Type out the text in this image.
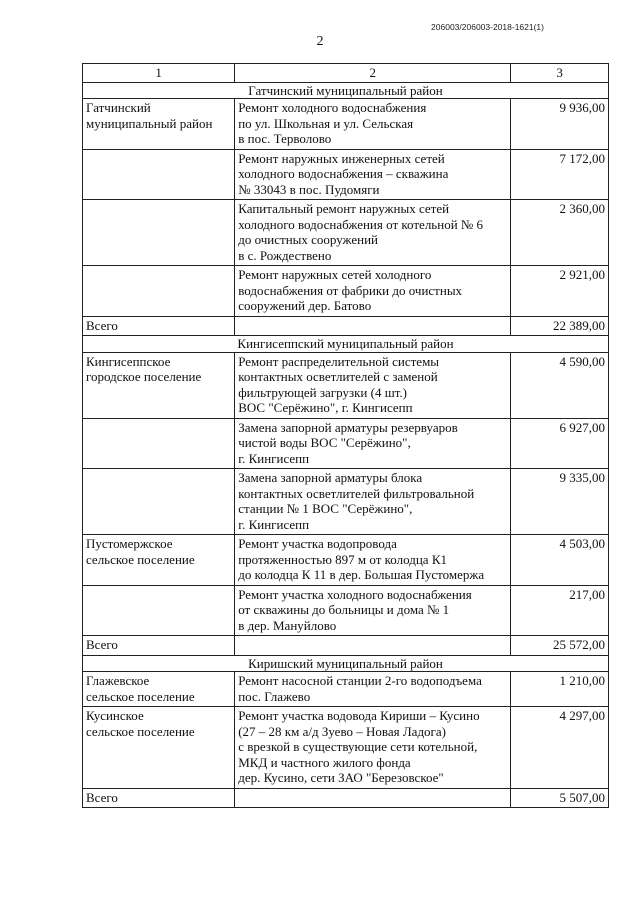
206003/206003-2018-1621(1)
2
1	2	3
Гатчинский муниципальный район		

Гатчинский
муниципальный район	Ремонт холодного водоснабжения
по ул. Школьная и ул. Сельская
в пос. Терволово	9 936,00

	Ремонт наружных инженерных сетей
холодного водоснабжения – скважина
№ 33043 в пос. Пудомяги	7 172,00

	Капитальный ремонт наружных сетей
холодного водоснабжения от котельной № 6
до очистных сооружений
в с. Рождествено	2 360,00

	Ремонт наружных сетей холодного
водоснабжения от фабрики до очистных
сооружений дер. Батово	2 921,00
Всего		22 389,00
Кингисеппский муниципальный район		

Кингисеппское
городское поселение	Ремонт распределительной системы
контактных осветлителей с заменой
фильтрующей загрузки (4 шт.)
ВОС "Серёжино", г. Кингисепп	4 590,00

	Замена запорной арматуры резервуаров
чистой воды ВОС "Серёжино",
г. Кингисепп	6 927,00

	Замена запорной арматуры блока
контактных осветлителей фильтровальной
станции № 1 ВОС "Серёжино",
г. Кингисепп	9 335,00

Пустомержское
сельское поселение	Ремонт участка водопровода
протяженностью 897 м от колодца К1
до колодца К 11 в дер. Большая Пустомержа	4 503,00

	Ремонт участка холодного водоснабжения
от скважины до больницы и дома № 1
в дер. Мануйлово	217,00
Всего		25 572,00
Киришский муниципальный район		

Глажевское
сельское поселение	Ремонт насосной станции 2-го водоподъема
пос. Глажево	1 210,00

Кусинское
сельское поселение	Ремонт участка водовода Кириши – Кусино
(27 – 28 км а/д Зуево – Новая Ладога)
с врезкой в существующие сети котельной,
МКД и частного жилого фонда
дер. Кусино, сети ЗАО "Березовское"	4 297,00
Всего		5 507,00
